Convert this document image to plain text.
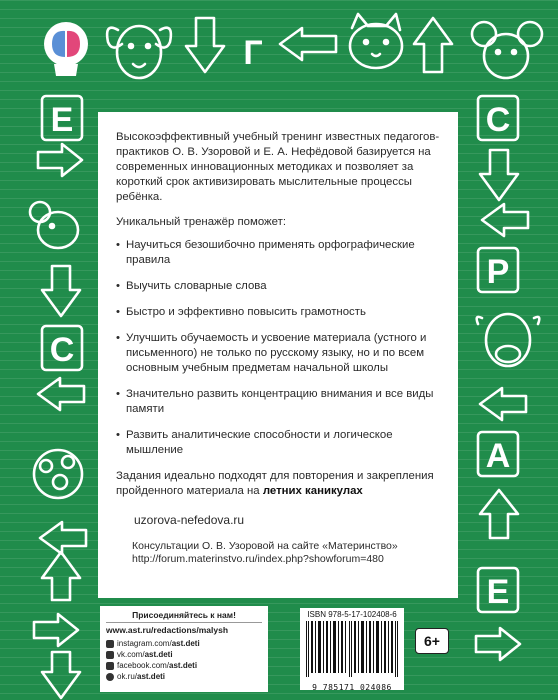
Е
С
Г
С
Р
А
Е

Высокоэффективный учебный тренинг известных педагогов-практиков О. В. Узоровой и Е. А. Нефёдовой базируется на современных инновационных методиках и позволяет за короткий срок активизировать мыслительные процессы ребёнка.

Уникальный тренажёр поможет:

• Научиться безошибочно применять орфографические правила
• Выучить словарные слова
• Быстро и эффективно повысить грамотность
• Улучшить обучаемость и усвоение материала (устного и письменного) не только по русскому языку, но и по всем основным учебным предметам начальной школы
• Значительно развить концентрацию внимания и все виды памяти
• Развить аналитические способности и логическое мышление

Задания идеально подходят для повторения и закрепления пройденного материала на летних каникулах

uzorova-nefedova.ru
Консультации О. В. Узоровой на сайте «Материнство»
http://forum.materinstvo.ru/index.php?showforum=480
Присоединяйтесь к нам!
www.ast.ru/redactions/malysh
instagram.com/ast.deti
vk.com/ast.deti
facebook.com/ast.deti
ok.ru/ast.deti
ISBN 978-5-17-102408-6
9 785171 024086
6+
